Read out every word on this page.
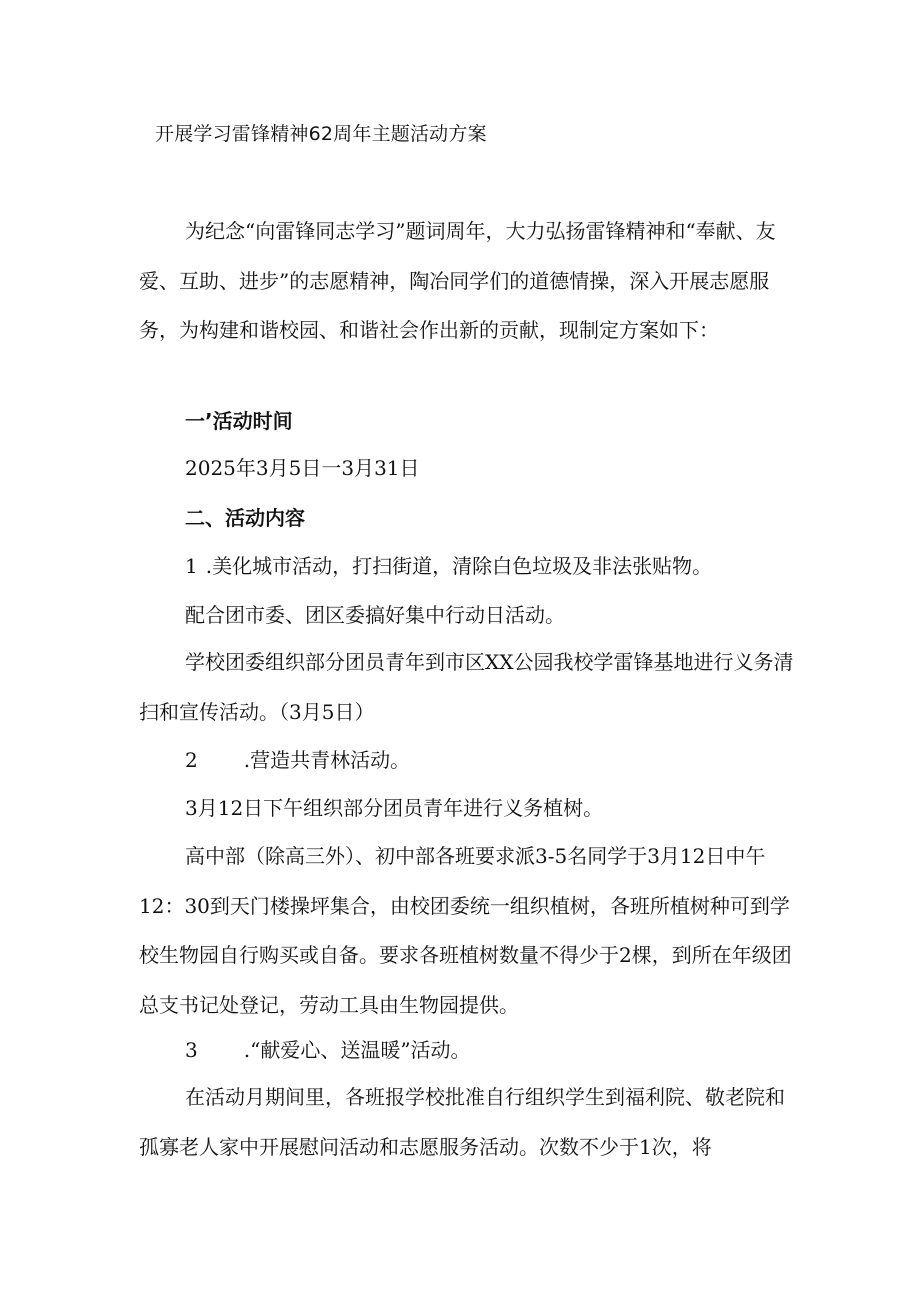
开展学习雷锋精神62周年主题活动方案

为纪念“向雷锋同志学习”题词周年，大力弘扬雷锋精神和“奉献、友爱、互助、进步”的志愿精神，陶冶同学们的道德情操，深入开展志愿服务，为构建和谐校园、和谐社会作出新的贡献，现制定方案如下：

一’活动时间

2025年3月5日一3月31日

二、活动内容

1 .美化城市活动，打扫街道，清除白色垃圾及非法张贴物。

配合团市委、团区委搞好集中行动日活动。

学校团委组织部分团员青年到市区XX公园我校学雷锋基地进行义务清扫和宣传活动。（3月5日）

2 .营造共青林活动。

3月12日下午组织部分团员青年进行义务植树。

高中部（除高三外）、初中部各班要求派3-5名同学于3月12日中午12：30到天门楼操坪集合，由校团委统一组织植树，各班所植树种可到学校生物园自行购买或自备。要求各班植树数量不得少于2棵，到所在年级团总支书记处登记，劳动工具由生物园提供。

3 .“献爱心、送温暖”活动。

在活动月期间里，各班报学校批准自行组织学生到福利院、敬老院和孤寡老人家中开展慰问活动和志愿服务活动。次数不少于1次，将
